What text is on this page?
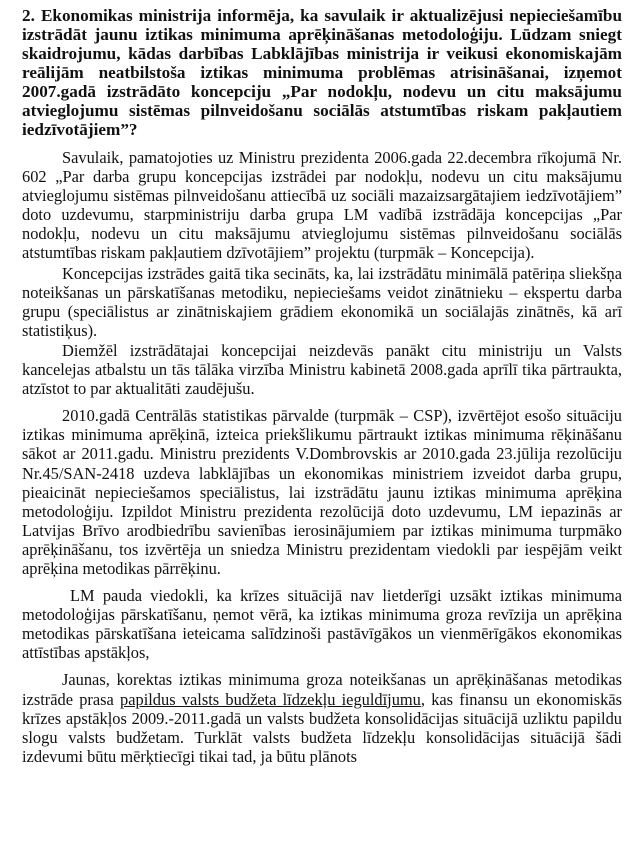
2. Ekonomikas ministrija informēja, ka savulaik ir aktualizējusi nepieciešamību izstrādāt jaunu iztikas minimuma aprēķināšanas metodoloģiju. Lūdzam sniegt skaidrojumu, kādas darbības Labklājības ministrija ir veikusi ekonomiskajām reālijām neatbilstoša iztikas minimuma problēmas atrisināšanai, izņemot 2007.gadā izstrādāto koncepciju „Par nodokļu, nodevu un citu maksājumu atvieglojumu sistēmas pilnveidošanu sociālās atstumtības riskam pakļautiem iedzīvotājiem”?

Savulaik, pamatojoties uz Ministru prezidenta 2006.gada 22.decembra rīkojumā Nr. 602 „Par darba grupu koncepcijas izstrādei par nodokļu, nodevu un citu maksājumu atvieglojumu sistēmas pilnveidošanu attiecībā uz sociāli mazaizsargātajiem iedzīvotājiem” doto uzdevumu, starpministriju darba grupa LM vadībā izstrādāja koncepcijas „Par nodokļu, nodevu un citu maksājumu atvieglojumu sistēmas pilnveidošanu sociālās atstumtības riskam pakļautiem dzīvotājiem” projektu (turpmāk – Koncepcija).

Koncepcijas izstrādes gaitā tika secināts, ka, lai izstrādātu minimālā patēriņa sliekšņa noteikšanas un pārskatīšanas metodiku, nepieciešams veidot zinātnieku – ekspertu darba grupu (speciālistus ar zinātniskajiem grādiem ekonomikā un sociālajās zinātnēs, kā arī statistiķus).

Diemžēl izstrādātajai koncepcijai neizdevās panākt citu ministriju un Valsts kancelejas atbalstu un tās tālāka virzība Ministru kabinetā 2008.gada aprīlī tika pārtraukta, atzīstot to par aktualitāti zaudējušu.

2010.gadā Centrālās statistikas pārvalde (turpmāk – CSP), izvērtējot esošo situāciju iztikas minimuma aprēķinā, izteica priekšlikumu pārtraukt iztikas minimuma rēķināšanu sākot ar 2011.gadu. Ministru prezidents V.Dombrovskis ar 2010.gada 23.jūlija rezolūciju Nr.45/SAN-2418 uzdeva labklājības un ekonomikas ministriem izveidot darba grupu, pieaicināt nepieciešamos speciālistus, lai izstrādātu jaunu iztikas minimuma aprēķina metodoloģiju. Izpildot Ministru prezidenta rezolūcijā doto uzdevumu, LM iepazinās ar Latvijas Brīvo arodbiedrību savienības ierosinājumiem par iztikas minimuma turpmāko aprēķināšanu, tos izvērtēja un sniedza Ministru prezidentam viedokli par iespējām veikt aprēķina metodikas pārrēķinu.

LM pauda viedokli, ka krīzes situācijā nav lietderīgi uzsākt iztikas minimuma metodoloģijas pārskatīšanu, ņemot vērā, ka iztikas minimuma groza revīzija un aprēķina metodikas pārskatīšana ieteicama salīdzinoši pastāvīgākos un vienmērīgākos ekonomikas attīstības apstākļos,

Jaunas, korektas iztikas minimuma groza noteikšanas un aprēķināšanas metodikas izstrāde prasa papildus valsts budžeta līdzekļu ieguldījumu, kas finansu un ekonomiskās krīzes apstākļos 2009.-2011.gadā un valsts budžeta konsolidācijas situācijā uzliktu papildu slogu valsts budžetam. Turklāt valsts budžeta līdzekļu konsolidācijas situācijā šādi izdevumi būtu mērķtiecīgi tikai tad, ja būtu plānots
